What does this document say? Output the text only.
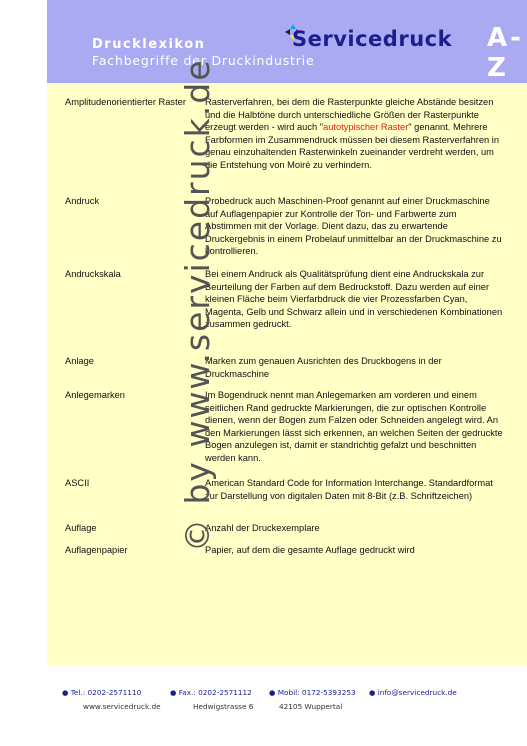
Drucklexikon
Fachbegriffe der Druckindustrie
Servicedruck A-Z
Amplitudenorientierter Raster	Rasterverfahren, bei dem die Rasterpunkte gleiche Abstände besitzen und die Halbtöne durch unterschiedliche Größen der Rasterpunkte erzeugt werden - wird auch "autotypischer Raster" genannt. Mehrere Farbformen im Zusammendruck müssen bei diesem Rasterverfahren in genau einzuhaltenden Rasterwinkeln zueinander verdreht werden, um die Entstehung von Moiré zu verhindern.
Andruck	Probedruck auch Maschinen-Proof genannt auf einer Druckmaschine auf Auflagenpapier zur Kontrolle der Ton- und Farbwerte zum Abstimmen mit der Vorlage. Dient dazu, das zu erwartende Druckergebnis in einem Probelauf unmittelbar an der Druckmaschine zu kontrollieren.
Andruckskala	Bei einem Andruck als Qualitätsprüfung dient eine Andruckskala zur Beurteilung der Farben auf dem Bedruckstoff. Dazu werden auf einer kleinen Fläche beim Vierfarbdruck die vier Prozessfarben Cyan, Magenta, Gelb und Schwarz allein und in verschiedenen Kombinationen zusammen gedruckt.
Anlage	Marken zum genauen Ausrichten des Druckbogens in der Druckmaschine
Anlegemarken	Im Bogendruck nennt man Anlegemarken am vorderen und einem seitlichen Rand gedruckte Markierungen, die zur optischen Kontrolle dienen, wenn der Bogen zum Falzen oder Schneiden angelegt wird. An den Markierungen lässt sich erkennen, an welchen Seiten der gedruckte Bogen anzulegen ist, damit er standrichtig gefalzt und beschnitten werden kann.
ASCII	American Standard Code for Information Interchange. Standardformat zur Darstellung von digitalen Daten mit 8-Bit (z.B. Schriftzeichen)
Auflage	Anzahl der Druckexemplare
Auflagenpapier	Papier, auf dem die gesamte Auflage gedruckt wird
© by www.servicedruck.de
● Tel.: 0202-2571110	● Fax.: 0202-2571112 ● Mobil: 0172-5393253 ● info@servicedruck.de
www.servicedruck.de	Hedwigstrasse 6	42105 Wuppertal
